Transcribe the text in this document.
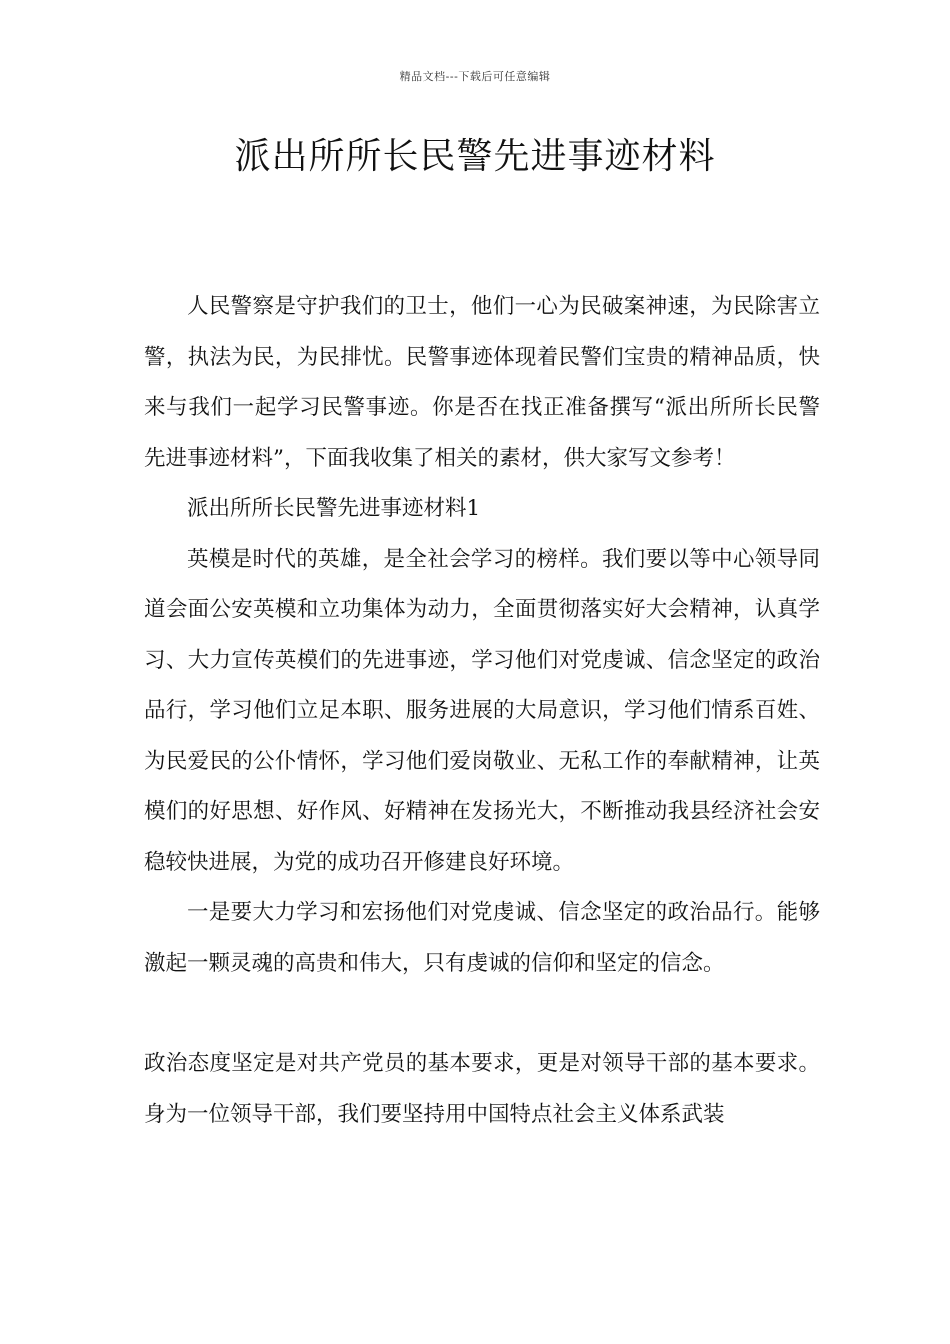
精品文档---下载后可任意编辑
派出所所长民警先进事迹材料

人民警察是守护我们的卫士，他们一心为民破案神速，为民除害立警，执法为民，为民排忧。民警事迹体现着民警们宝贵的精神品质，快来与我们一起学习民警事迹。你是否在找正准备撰写“派出所所长民警先进事迹材料”，下面我收集了相关的素材，供大家写文参考！

派出所所长民警先进事迹材料1

英模是时代的英雄，是全社会学习的榜样。我们要以等中心领导同道会面公安英模和立功集体为动力，全面贯彻落实好大会精神，认真学习、大力宣传英模们的先进事迹，学习他们对党虔诚、信念坚定的政治品行，学习他们立足本职、服务进展的大局意识，学习他们情系百姓、为民爱民的公仆情怀，学习他们爱岗敬业、无私工作的奉献精神，让英模们的好思想、好作风、好精神在发扬光大，不断推动我县经济社会安稳较快进展，为党的成功召开修建良好环境。

一是要大力学习和宏扬他们对党虔诚、信念坚定的政治品行。能够激起一颗灵魂的高贵和伟大，只有虔诚的信仰和坚定的信念。

政治态度坚定是对共产党员的基本要求，更是对领导干部的基本要求。身为一位领导干部，我们要坚持用中国特点社会主义体系武装
